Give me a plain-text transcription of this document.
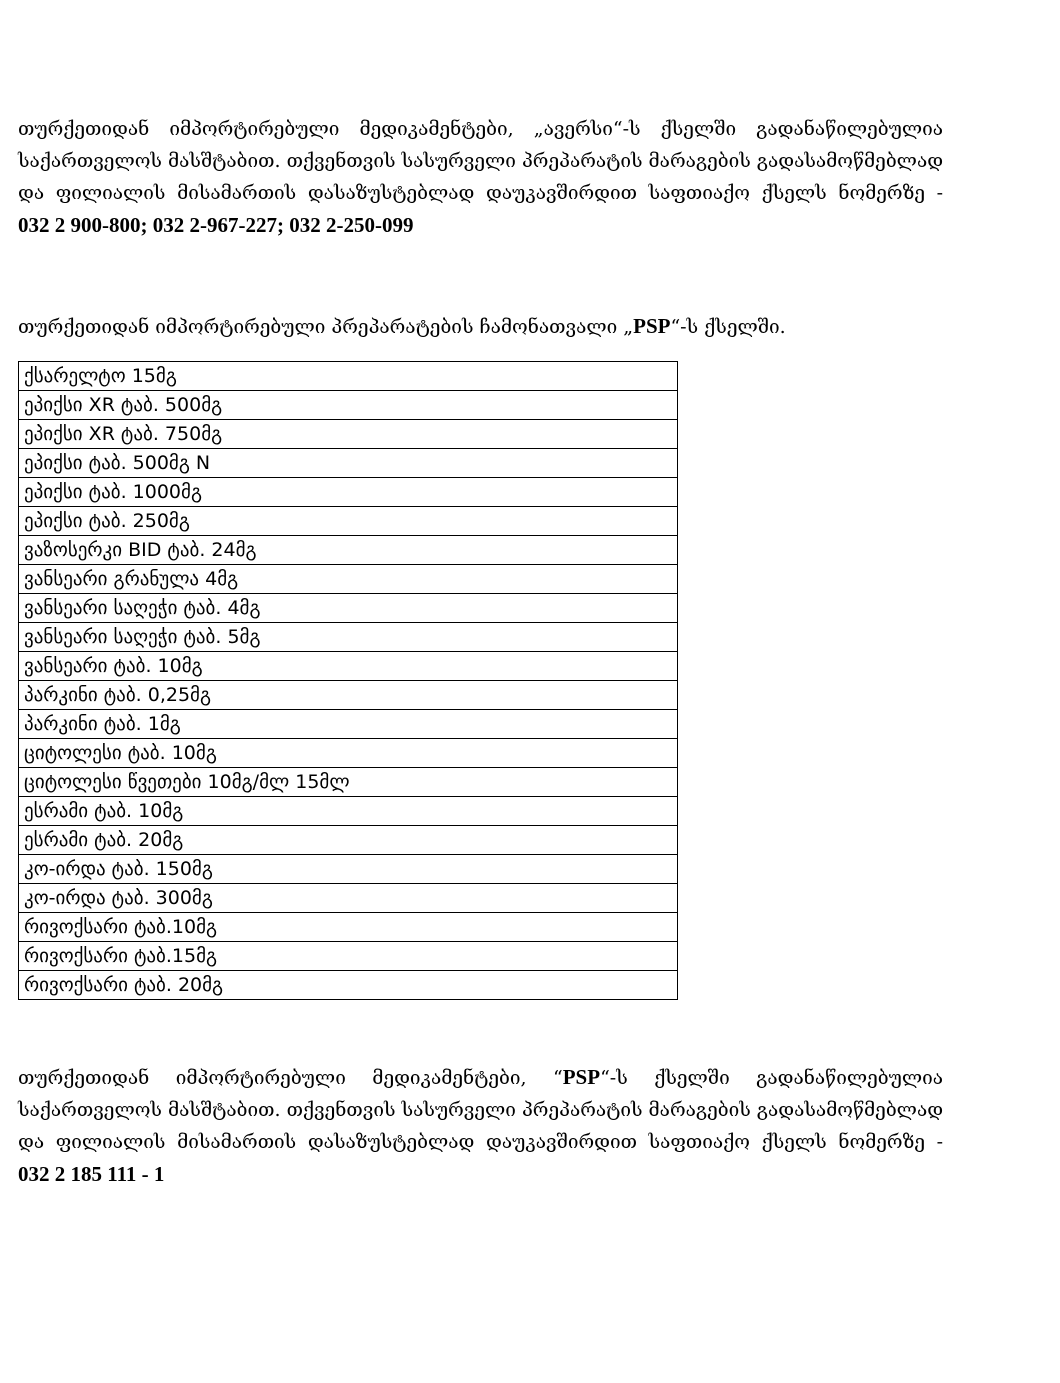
თურქეთიდან იმპორტირებული მედიკამენტები, „ავერსი“-ს ქსელში გადანაწილებულია
საქართველოს მასშტაბით. თქვენთვის სასურველი პრეპარატის მარაგების გადასამოწმებლად
და ფილიალის მისამართის დასაზუსტებლად დაუკავშირდით საფთიაქო ქსელს ნომერზე -
032 2 900-800; 032 2-967-227; 032 2-250-099

თურქეთიდან იმპორტირებული პრეპარატების ჩამონათვალი „PSP“-ს ქსელში.

ქსარელტო 15მგ
ეპიქსი XR ტაბ. 500მგ
ეპიქსი XR ტაბ. 750მგ
ეპიქსი ტაბ. 500მგ N
ეპიქსი ტაბ. 1000მგ
ეპიქსი ტაბ. 250მგ
ვაზოსერკი BID ტაბ. 24მგ
ვანსეარი გრანულა 4მგ
ვანსეარი საღეჭი ტაბ. 4მგ
ვანსეარი საღეჭი ტაბ. 5მგ
ვანსეარი ტაბ. 10მგ
პარკინი ტაბ. 0,25მგ
პარკინი ტაბ. 1მგ
ციტოლესი ტაბ. 10მგ
ციტოლესი წვეთები 10მგ/მლ 15მლ
ესრამი ტაბ. 10მგ
ესრამი ტაბ. 20მგ
კო-ირდა ტაბ. 150მგ
კო-ირდა ტაბ. 300მგ
რივოქსარი ტაბ.10მგ
რივოქსარი ტაბ.15მგ
რივოქსარი ტაბ. 20მგ

თურქეთიდან იმპორტირებული მედიკამენტები, “PSP“-ს ქსელში გადანაწილებულია
საქართველოს მასშტაბით. თქვენთვის სასურველი პრეპარატის მარაგების გადასამოწმებლად
და ფილიალის მისამართის დასაზუსტებლად დაუკავშირდით საფთიაქო ქსელს ნომერზე -
032 2 185 111 - 1
